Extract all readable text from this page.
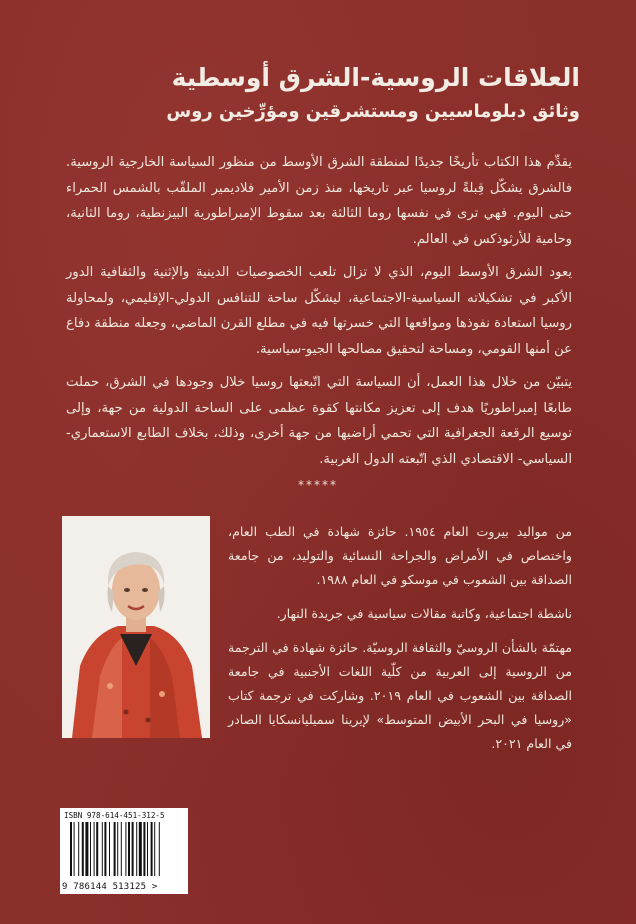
العلاقات الروسية-الشرق أوسطية
وثائق دبلوماسيين ومستشرقين ومؤرِّخين روس

يقدِّم هذا الكتاب تأريخًا جديدًا لمنطقة الشرق الأوسط من منظور السياسة الخارجية الروسية. فالشرق يشكّل قِبلةً لروسيا عبر تاريخها، منذ زمن الأمير فلاديمير الملقّب بالشمس الحمراء حتى اليوم. فهي ترى في نفسها روما الثالثة بعد سقوط الإمبراطورية البيزنطية، روما الثانية، وحامية للأرثوذكس في العالم.

يعود الشرق الأوسط اليوم، الذي لا تزال تلعب الخصوصيات الدينية والإثنية والثقافية الدور الأكبر في تشكيلاته السياسية-الاجتماعية، ليشكّل ساحة للتنافس الدولي-الإقليمي، ولمحاولة روسيا استعادة نفوذها ومواقعها التي خسرتها فيه في مطلع القرن الماضي، وجعله منطقة دفاع عن أمنها القومي، ومساحة لتحقيق مصالحها الجيو-سياسية.

يتبيّن من خلال هذا العمل، أن السياسة التي اتّبعتها روسيا خلال وجودها في الشرق، حملت طابعًا إمبراطوريًا هدف إلى تعزيز مكانتها كقوة عظمى على الساحة الدولية من جهة، وإلى توسيع الرقعة الجغرافية التي تحمي أراضيها من جهة أخرى، وذلك، بخلاف الطابع الاستعماري-السياسي- الاقتصادي الذي اتّبعته الدول الغربية.

*****

من مواليد بيروت العام ١٩٥٤. حائزة شهادة في الطب العام، واختصاص في الأمراض والجراحة النسائية والتوليد، من جامعة الصداقة بين الشعوب في موسكو في العام ١٩٨٨.

ناشطة اجتماعية، وكاتبة مقالات سياسية في جريدة النهار.

مهتمّة بالشأن الروسيّ والثقافة الروسيّة. حائزة شهادة في الترجمة من الروسية إلى العربية من كلّية اللغات الأجنبية في جامعة الصداقة بين الشعوب في العام ٢٠١٩. وشاركت في ترجمة كتاب «روسيا في البحر الأبيض المتوسط» لإيرينا سميليانسكايا الصادر في العام ٢٠٢١.

ISBN 978-614-451-312-5
9 786144 513125 >
